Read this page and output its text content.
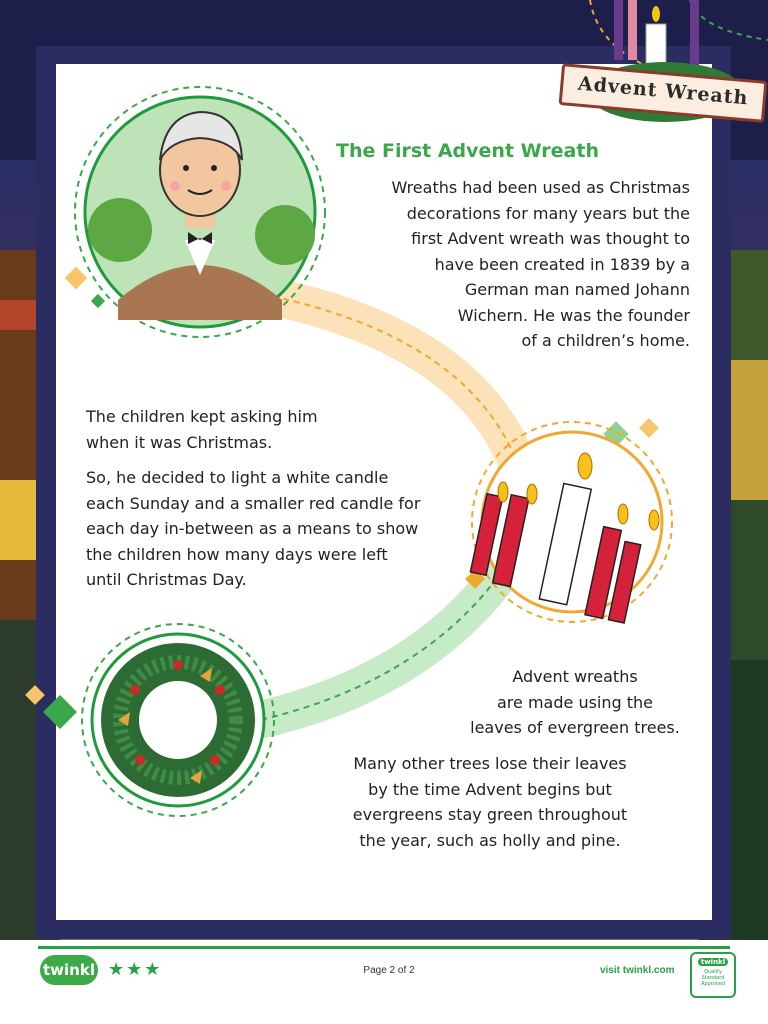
Advent Wreath
The First Advent Wreath
Wreaths had been used as Christmas
decorations for many years but the
first Advent wreath was thought to
have been created in 1839 by a
German man named Johann
Wichern. He was the founder
of a children’s home.
The children kept asking him
when it was Christmas.
So, he decided to light a white candle
each Sunday and a smaller red candle for
each day in-between as a means to show
the children how many days were left
until Christmas Day.
Advent wreaths
are made using the
leaves of evergreen trees.
Many other trees lose their leaves
by the time Advent begins but
evergreens stay green throughout
the year, such as holly and pine.
twinkl ★★★	Page 2 of 2	visit twinkl.com
twinkl
Quality Standard Approved
